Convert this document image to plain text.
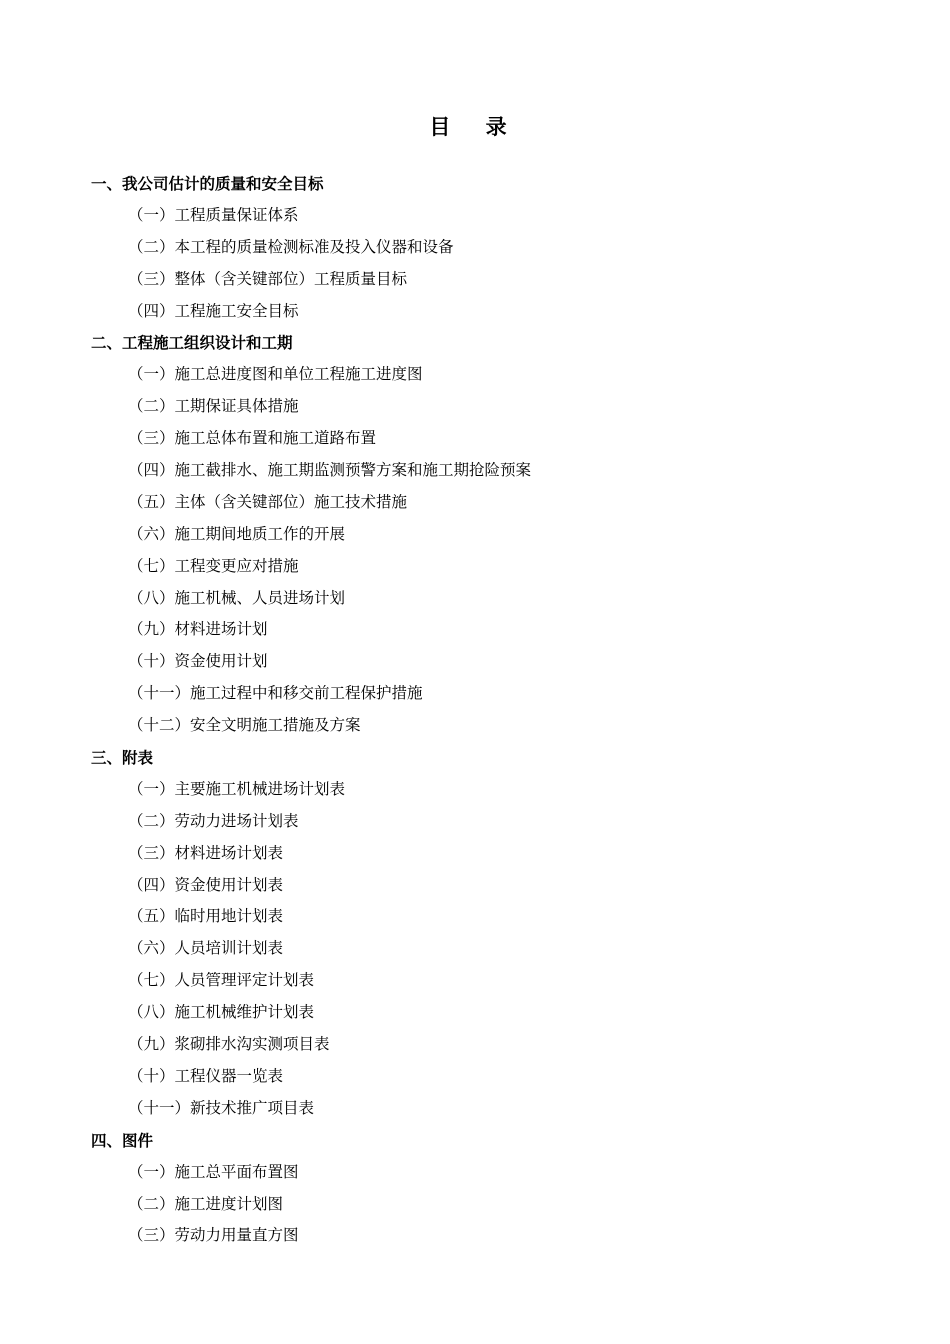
目 录
一、我公司估计的质量和安全目标
（一）工程质量保证体系
（二）本工程的质量检测标准及投入仪器和设备
（三）整体（含关键部位）工程质量目标
（四）工程施工安全目标
二、工程施工组织设计和工期
（一）施工总进度图和单位工程施工进度图
（二）工期保证具体措施
（三）施工总体布置和施工道路布置
（四）施工截排水、施工期监测预警方案和施工期抢险预案
（五）主体（含关键部位）施工技术措施
（六）施工期间地质工作的开展
（七）工程变更应对措施
（八）施工机械、人员进场计划
（九）材料进场计划
（十）资金使用计划
（十一）施工过程中和移交前工程保护措施
（十二）安全文明施工措施及方案
三、附表
（一）主要施工机械进场计划表
（二）劳动力进场计划表
（三）材料进场计划表
（四）资金使用计划表
（五）临时用地计划表
（六）人员培训计划表
（七）人员管理评定计划表
（八）施工机械维护计划表
（九）浆砌排水沟实测项目表
（十）工程仪器一览表
（十一）新技术推广项目表
四、图件
（一）施工总平面布置图
（二）施工进度计划图
（三）劳动力用量直方图
